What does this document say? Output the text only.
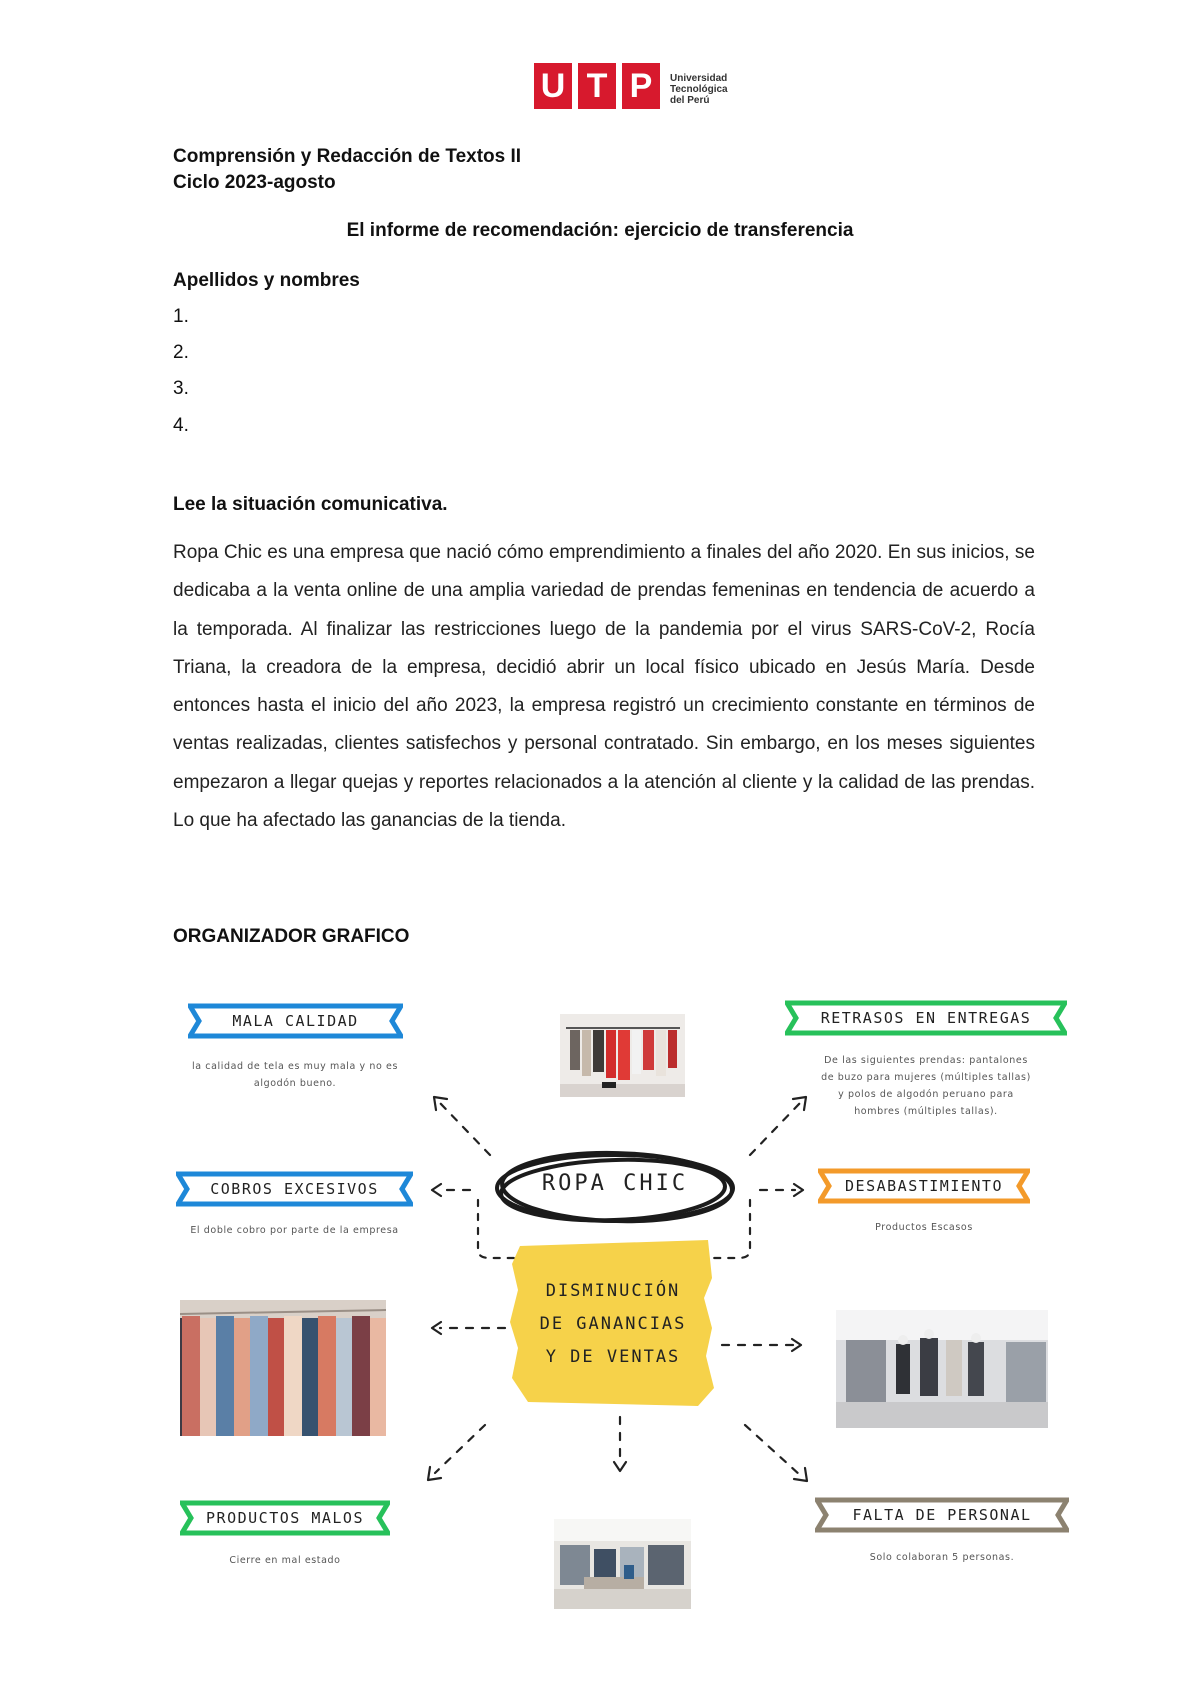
U T P	Universidad
Tecnológica
del Perú
Comprensión y Redacción de Textos II
Ciclo 2023-agosto
El informe de recomendación: ejercicio de transferencia
Apellidos y nombres
1.
2.
3.
4.
Lee la situación comunicativa.
Ropa Chic es una empresa que nació cómo emprendimiento a finales del año 2020. En sus inicios, se dedicaba a la venta online de una amplia variedad de prendas femeninas en tendencia de acuerdo a la temporada. Al finalizar las restricciones luego de la pandemia por el virus SARS-CoV-2, Rocía Triana, la creadora de la empresa, decidió abrir un local físico ubicado en Jesús María. Desde entonces hasta el inicio del año 2023, la empresa registró un crecimiento constante en términos de ventas realizadas, clientes satisfechos y personal contratado. Sin embargo, en los meses siguientes empezaron a llegar quejas y reportes relacionados a la atención al cliente y la calidad de las prendas. Lo que ha afectado las ganancias de la tienda.
ORGANIZADOR GRAFICO
ROPA CHIC
DISMINUCIÓN
DE GANANCIAS
Y DE VENTAS
MALA CALIDAD
la calidad de tela es muy mala y no es
algodón bueno.
COBROS EXCESIVOS
El doble cobro por parte de la empresa
PRODUCTOS MALOS
Cierre en mal estado
RETRASOS EN ENTREGAS
De las siguientes prendas: pantalones
de buzo para mujeres (múltiples tallas)
y polos de algodón peruano para
hombres (múltiples tallas).
DESABASTIMIENTO
Productos Escasos
FALTA DE PERSONAL
Solo colaboran 5 personas.
